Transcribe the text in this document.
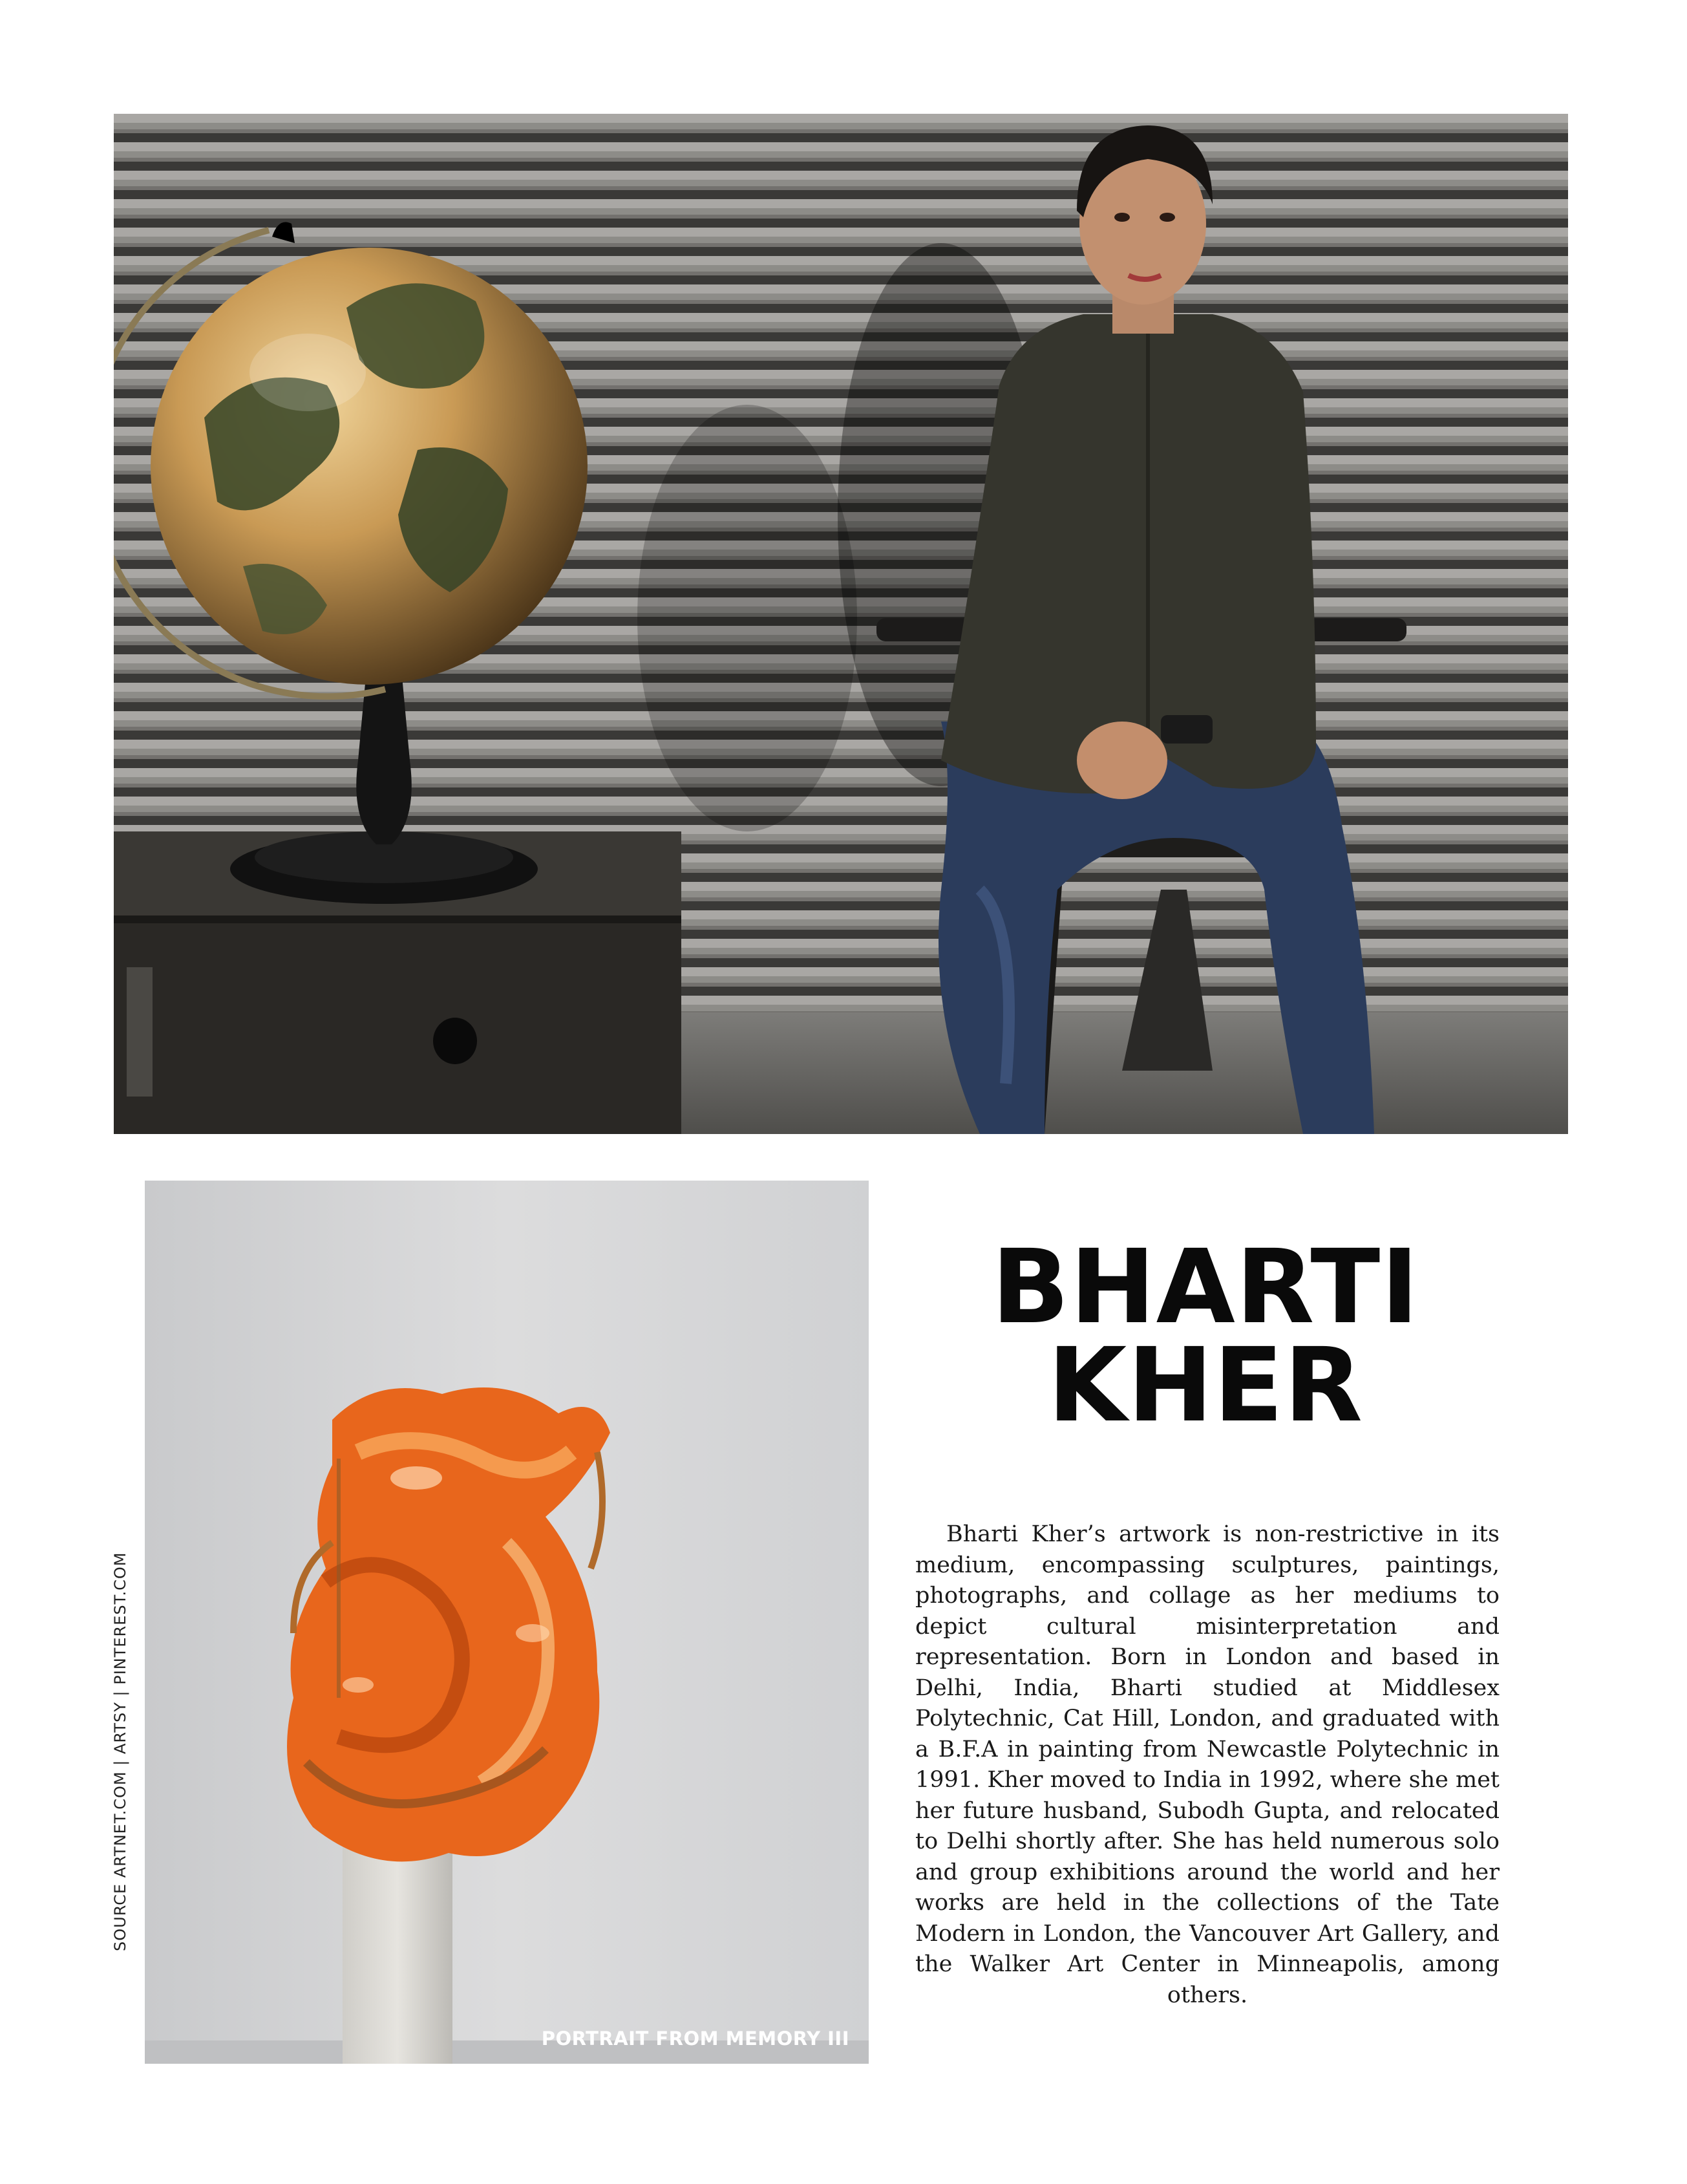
PORTRAIT FROM MEMORY III
SOURCE ARTNET.COM | ARTSY | PINTEREST.COM
BHARTI
KHER

Bharti Kher’s artwork is non-restrictive in its medium, encompassing sculptures, paintings, photographs, and collage as her mediums to depict cultural misinterpretation and representation. Born in London and based in Delhi, India, Bharti studied at Middlesex Polytechnic, Cat Hill, London, and graduated with a B.F.A in painting from Newcastle Polytechnic in 1991. Kher moved to India in 1992, where she met her future husband, Subodh Gupta, and relocated to Delhi shortly after. She has held numerous solo and group exhibitions around the world and her works are held in the collections of the Tate Modern in London, the Vancouver Art Gallery, and the Walker Art Center in Minneapolis, among others.
